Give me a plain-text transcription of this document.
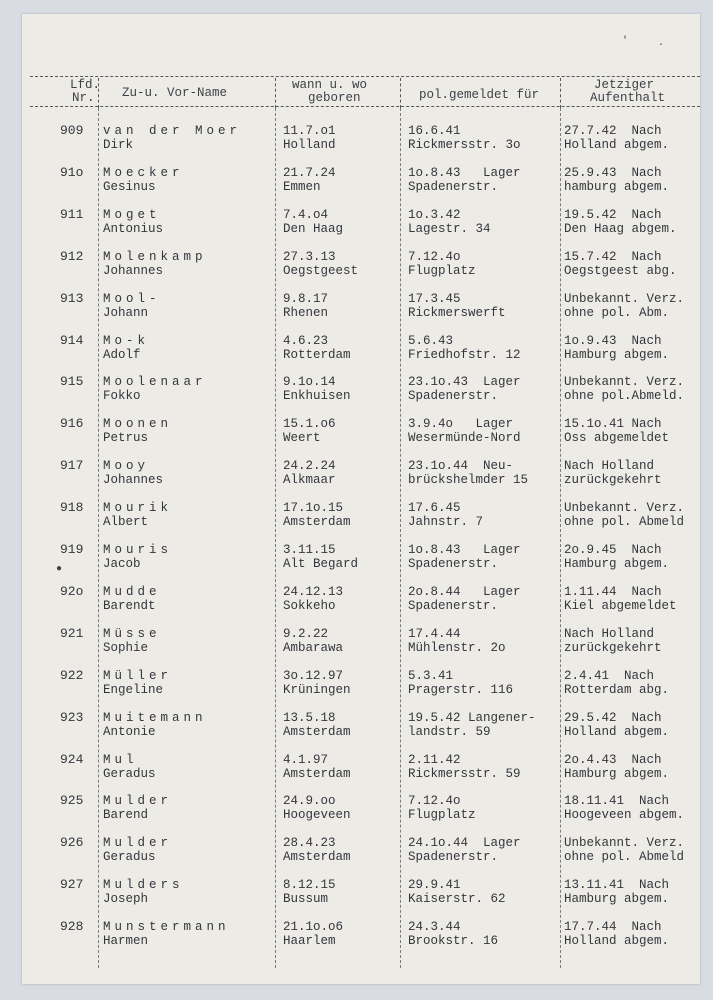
Lfd.
Nr. Zu-u. Vor-Name
wann u. wo
geboren	pol.gemeldet für
Jetziger
Aufenthalt
909 van der Moer
Dirk
11.7.o1
Holland
16.6.41
Rickmersstr. 3o
27.7.42  Nach
Holland abgem.
91o Moecker
Gesinus
21.7.24
Emmen
1o.8.43   Lager
Spadenerstr.
25.9.43  Nach
hamburg abgem.
911 Moget
Antonius
7.4.o4
Den Haag
1o.3.42
Lagestr. 34
19.5.42  Nach
Den Haag abgem.
912 Molenkamp
Johannes
27.3.13
Oegstgeest
7.12.4o
Flugplatz
15.7.42  Nach
Oegstgeest abg.
913 Mool-
Johann
9.8.17
Rhenen
17.3.45
Rickmerswerft
Unbekannt. Verz.
ohne pol. Abm.
914 Mo-k
Adolf
4.6.23
Rotterdam
5.6.43
Friedhofstr. 12
1o.9.43  Nach
Hamburg abgem.
915 Moolenaar
Fokko
9.1o.14
Enkhuisen
23.1o.43  Lager
Spadenerstr.
Unbekannt. Verz.
ohne pol.Abmeld.
916 Moonen
Petrus
15.1.o6
Weert
3.9.4o   Lager
Wesermünde-Nord
15.1o.41 Nach
Oss abgemeldet
917 Mooy
Johannes
24.2.24
Alkmaar
23.1o.44  Neu-
brückshelmder 15
Nach Holland
zurückgekehrt
918 Mourik
Albert
17.1o.15
Amsterdam
17.6.45
Jahnstr. 7
Unbekannt. Verz.
ohne pol. Abmeld
919 Mouris
Jacob
3.11.15
Alt Begard
1o.8.43   Lager
Spadenerstr.
2o.9.45  Nach
Hamburg abgem.
92o Mudde
Barendt
24.12.13
Sokkeho
2o.8.44   Lager
Spadenerstr.
1.11.44  Nach
Kiel abgemeldet
921 Müsse
Sophie
9.2.22
Ambarawa
17.4.44
Mühlenstr. 2o
Nach Holland
zurückgekehrt
922 Müller
Engeline
3o.12.97
Krüningen
5.3.41
Pragerstr. 116
2.4.41  Nach
Rotterdam abg.
923 Muitemann
Antonie
13.5.18
Amsterdam
19.5.42 Langener-
landstr. 59
29.5.42  Nach
Holland abgem.
924 Mul
Geradus
4.1.97
Amsterdam
2.11.42
Rickmersstr. 59
2o.4.43  Nach
Hamburg abgem.
925 Mulder
Barend
24.9.oo
Hoogeveen
7.12.4o
Flugplatz
18.11.41  Nach
Hoogeveen abgem.
926 Mulder
Geradus
28.4.23
Amsterdam
24.1o.44  Lager
Spadenerstr.
Unbekannt. Verz.
ohne pol. Abmeld
927 Mulders
Joseph
8.12.15
Bussum
29.9.41
Kaiserstr. 62
13.11.41  Nach
Hamburg abgem.
928 Munstermann
Harmen
21.1o.o6
Haarlem
24.3.44
Brookstr. 16
17.7.44  Nach
Holland abgem.
●
'	.
